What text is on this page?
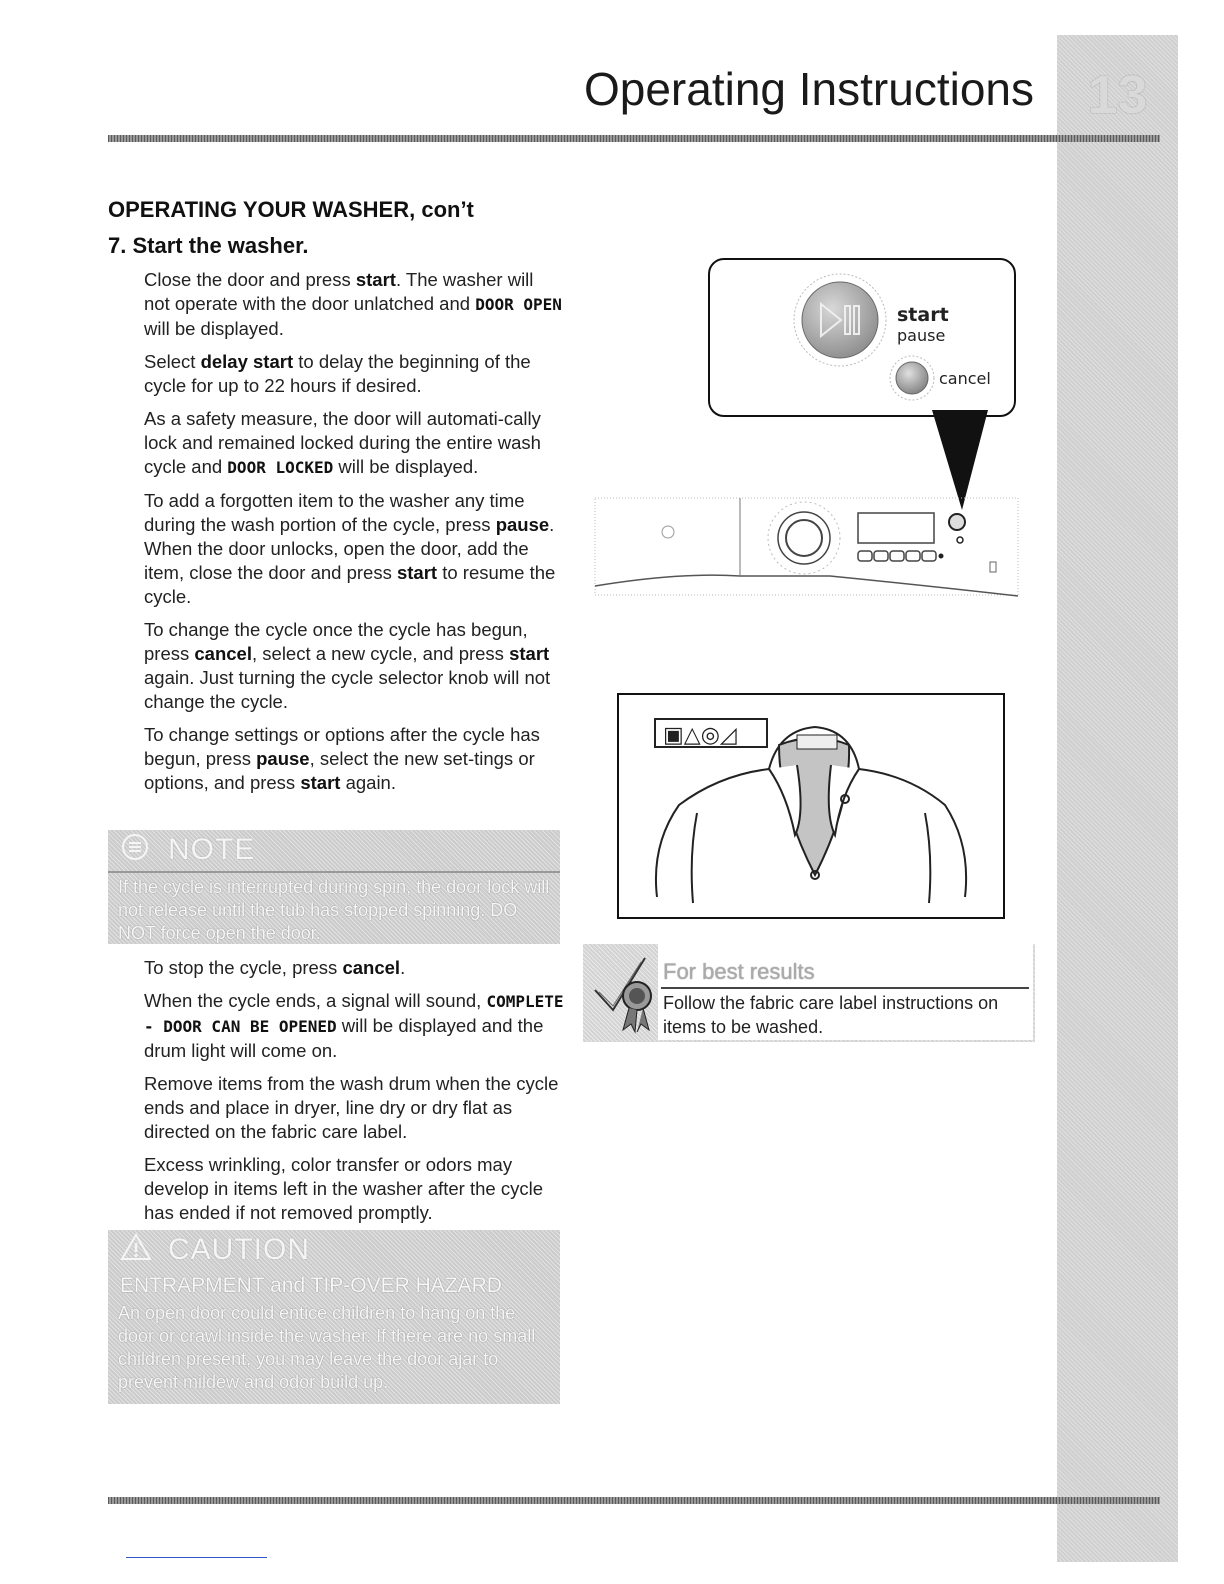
13
Operating Instructions
OPERATING YOUR WASHER, con’t
7. Start the washer.

Close the door and press start. The washer will not operate with the door unlatched and DOOR OPEN will be displayed.

Select delay start to delay the beginning of the cycle for up to 22 hours if desired.

As a safety measure, the door will automati-cally lock and remained locked during the entire wash cycle and DOOR LOCKED will be displayed.

To add a forgotten item to the washer any time during the wash portion of the cycle, press pause. When the door unlocks, open the door, add the item, close the door and press start to resume the cycle.

To change the cycle once the cycle has begun, press cancel, select a new cycle, and press start again. Just turning the cycle selector knob will not change the cycle.

To change settings or options after the cycle has begun, press pause, select the new set-tings or options, and press start again.

NOTE
If the cycle is interrupted during spin, the door lock will not release until the tub has stopped spinning. DO NOT force open the door.

To stop the cycle, press cancel.

When the cycle ends, a signal will sound, COMPLETE - DOOR CAN BE OPENED will be displayed and the drum light will come on.

Remove items from the wash drum when the cycle ends and place in dryer, line dry or dry flat as directed on the fabric care label.

Excess wrinkling, color transfer or odors may develop in items left in the washer after the cycle has ended if not removed promptly.

CAUTION
ENTRAPMENT and TIP-OVER HAZARD
An open door could entice children to hang on the door or crawl inside the washer. If there are no small children present, you may leave the door ajar to prevent mildew and odor build up.
start
pause
cancel
▣△◎◿
For best results
Follow the fabric care label instructions on items to be washed.
